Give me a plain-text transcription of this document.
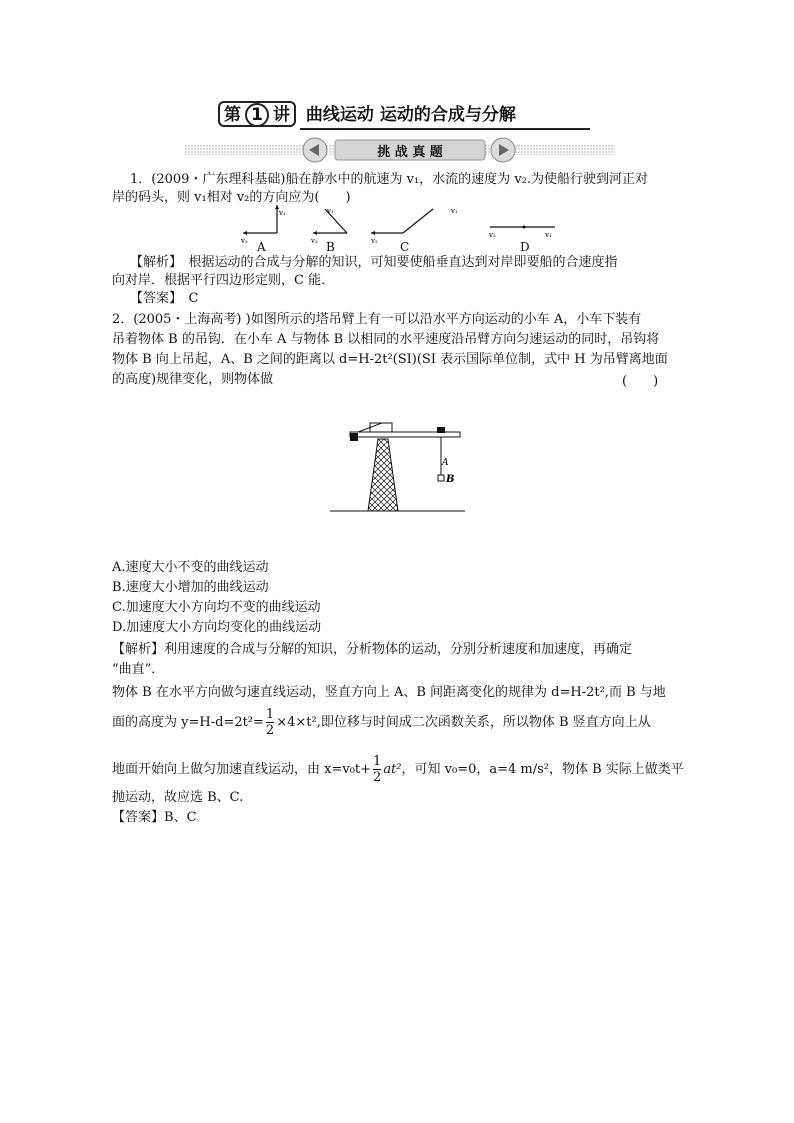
第 1 讲 曲线运动 运动的合成与分解
挑 战 真 题
1．(2009・广东理科基础)船在静水中的航速为 v₁，水流的速度为 v₂.为使船行驶到河正对
岸的码头，则 v₁相对 v₂的方向应为(　　)
v₁
v₂
v₁
v₂
v₁
v₂
v₂	v₁
A	B	C	D
【解析】　 根据运动的合成与分解的知识，可知要使船垂直达到对岸即要船的合速度指
向对岸．根据平行四边形定则，C 能．
【答案】　 C
2．(2005・上海高考) )如图所示的塔吊臂上有一可以沿水平方向运动的小车 A，小车下装有
吊着物体 B 的吊钩．在小车 A 与物体 B 以相同的水平速度沿吊臂方向匀速运动的同时，吊钩将
物体 B 向上吊起，A、B 之间的距离以 d=H-2t²(SI)(SI 表示国际单位制，式中 H 为吊臂离地面
的高度)规律变化，则物体做	(　　)
A
B
A.速度大小不变的曲线运动
B.速度大小增加的曲线运动
C.加速度大小方向均不变的曲线运动
D.加速度大小方向均变化的曲线运动
【解析】利用速度的合成与分解的知识，分析物体的运动，分别分析速度和加速度，再确定
“曲直”．
物体 B 在水平方向做匀速直线运动，竖直方向上 A、B 间距离变化的规律为 d=H-2t²,而 B 与地
面的高度为 $y=H-d=2t^2= \frac{1}{2} \times 4\times t^2$,即位移与时间成二次函数关系，所以物体 B 竖直方向上从
地面开始向上做匀加速直线运动，由 $x=v_0t+ \frac{1}{2} at^2$，可知 v₀=0，a=4 m/s²，物体 B 实际上做类平
抛运动，故应选 B、C.
【答案】B、C
